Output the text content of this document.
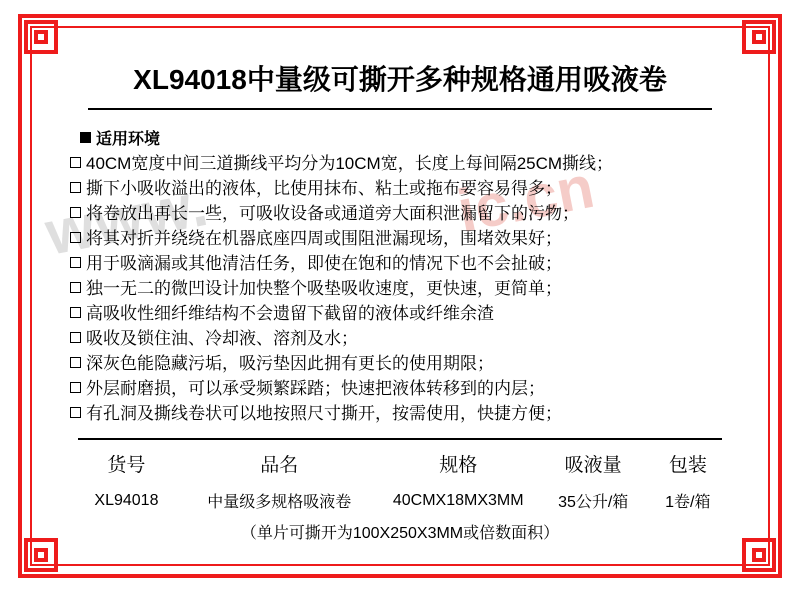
www.	ic.cn
XL94018中量级可撕开多种规格通用吸液卷
适用环境
40CM宽度中间三道撕线平均分为10CM宽，长度上每间隔25CM撕线；
撕下小吸收溢出的液体，比使用抹布、粘土或拖布要容易得多；
将卷放出再长一些，可吸收设备或通道旁大面积泄漏留下的污物；
将其对折并绕绕在机器底座四周或围阻泄漏现场，围堵效果好；
用于吸滴漏或其他清洁任务，即使在饱和的情况下也不会扯破；
独一无二的微凹设计加快整个吸垫吸收速度，更快速，更简单；
高吸收性细纤维结构不会遗留下截留的液体或纤维余渣
吸收及锁住油、冷却液、溶剂及水；
深灰色能隐藏污垢，吸污垫因此拥有更长的使用期限；
外层耐磨损，可以承受频繁踩踏；快速把液体转移到的内层；
有孔洞及撕线卷状可以地按照尺寸撕开，按需使用，快捷方便；
货号	品名	规格	吸液量	包装
XL94018	中量级多规格吸液卷	40CMX18MX3MM	35公升/箱	1卷/箱
（单片可撕开为100X250X3MM或倍数面积）
